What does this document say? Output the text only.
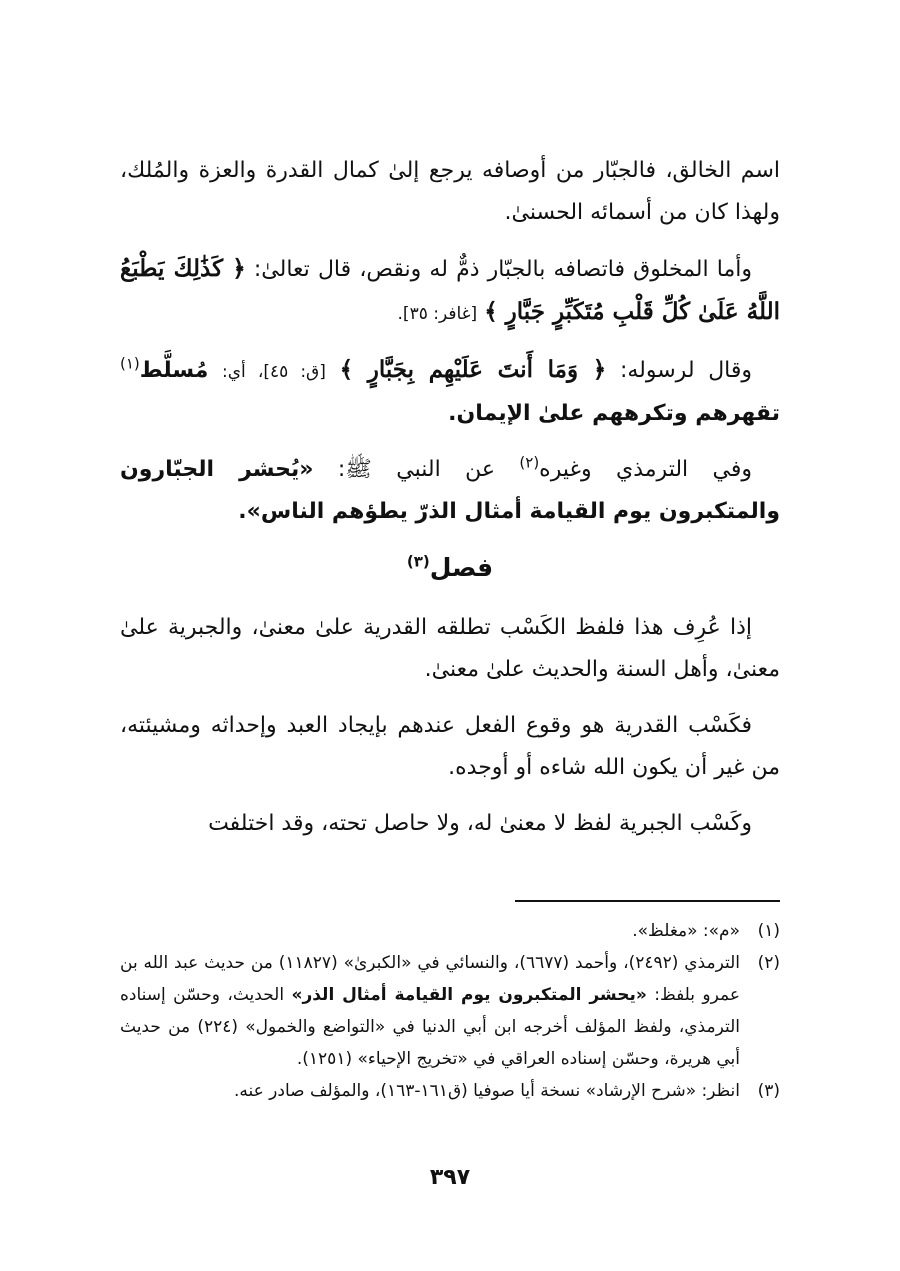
اسم الخالق، فالجبّار من أوصافه يرجع إلىٰ كمال القدرة والعزة والمُلك، ولهذا كان من أسمائه الحسنىٰ.

وأما المخلوق فاتصافه بالجبّار ذمٌّ له ونقص، قال تعالىٰ: ﴿ كَذَٰلِكَ يَطْبَعُ اللَّهُ عَلَىٰ كُلِّ قَلْبِ مُتَكَبِّرٍ جَبَّارٍ ﴾ [غافر: ٣٥].

وقال لرسوله: ﴿ وَمَا أَنتَ عَلَيْهِم بِجَبَّارٍ ﴾ [ق: ٤٥]، أي: مُسلَّط$^{(١)}$ تقهرهم وتكرههم علىٰ الإيمان.

وفي الترمذي وغيره$^{(٢)}$ عن النبي ﷺ: «يُحشر الجبّارون والمتكبرون يوم القيامة أمثال الذرّ يطؤهم الناس».

فصل$^{(٣)}$

إذا عُرِف هذا فلفظ الكَسْب تطلقه القدرية علىٰ معنىٰ، والجبرية علىٰ معنىٰ، وأهل السنة والحديث علىٰ معنىٰ.

فكَسْب القدرية هو وقوع الفعل عندهم بإيجاد العبد وإحداثه ومشيئته، من غير أن يكون الله شاءه أو أوجده.

وكَسْب الجبرية لفظ لا معنىٰ له، ولا حاصل تحته، وقد اختلفت

(١)
«م»: «مغلظ».
(٢)
الترمذي (٢٤٩٢)، وأحمد (٦٦٧٧)، والنسائي في «الكبرىٰ» (١١٨٢٧) من حديث عبد الله بن عمرو بلفظ: «يحشر المتكبرون يوم القيامة أمثال الذر» الحديث، وحسّن إسناده الترمذي، ولفظ المؤلف أخرجه ابن أبي الدنيا في «التواضع والخمول» (٢٢٤) من حديث أبي هريرة، وحسّن إسناده العراقي في «تخريج الإحياء» (١٢٥١).
(٣)
انظر: «شرح الإرشاد» نسخة أيا صوفيا (ق١٦١-١٦٣)، والمؤلف صادر عنه.
٣٩٧
